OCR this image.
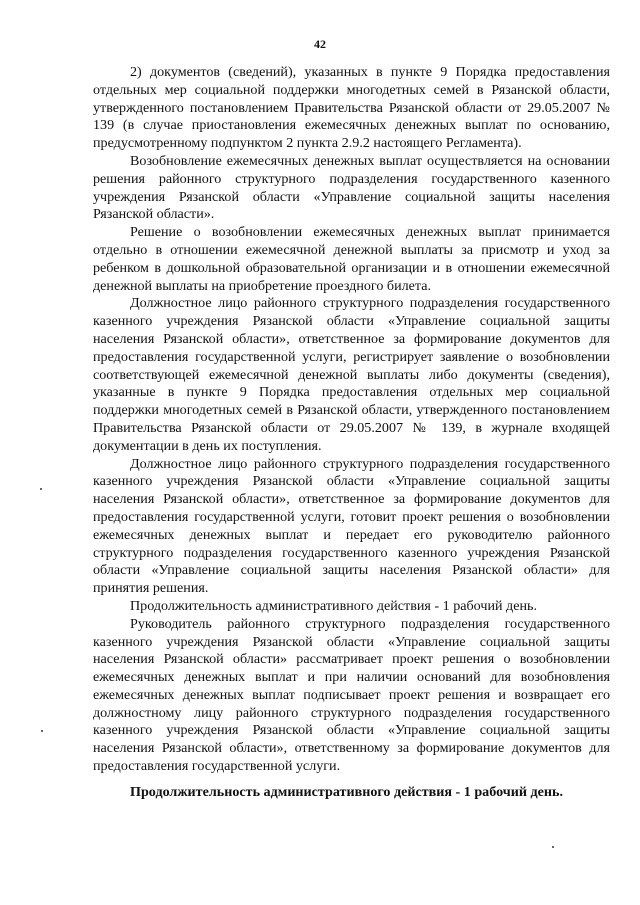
42

2) документов (сведений), указанных в пункте 9 Порядка предоставления отдельных мер социальной поддержки многодетных семей в Рязанской области, утвержденного постановлением Правительства Рязанской области от 29.05.2007 № 139 (в случае приостановления ежемесячных денежных выплат по основанию, предусмотренному подпунктом 2 пункта 2.9.2 настоящего Регламента).

Возобновление ежемесячных денежных выплат осуществляется на основании решения районного структурного подразделения государственного казенного учреждения Рязанской области «Управление социальной защиты населения Рязанской области».

Решение о возобновлении ежемесячных денежных выплат принимается отдельно в отношении ежемесячной денежной выплаты за присмотр и уход за ребенком в дошкольной образовательной организации и в отношении ежемесячной денежной выплаты на приобретение проездного билета.

Должностное лицо районного структурного подразделения государственного казенного учреждения Рязанской области «Управление социальной защиты населения Рязанской области», ответственное за формирование документов для предоставления государственной услуги, регистрирует заявление о возобновлении соответствующей ежемесячной денежной выплаты либо документы (сведения), указанные в пункте 9 Порядка предоставления отдельных мер социальной поддержки многодетных семей в Рязанской области, утвержденного постановлением Правительства Рязанской области от 29.05.2007 № 139, в журнале входящей документации в день их поступления.

Должностное лицо районного структурного подразделения государственного казенного учреждения Рязанской области «Управление социальной защиты населения Рязанской области», ответственное за формирование документов для предоставления государственной услуги, готовит проект решения о возобновлении ежемесячных денежных выплат и передает его руководителю районного структурного подразделения государственного казенного учреждения Рязанской области «Управление социальной защиты населения Рязанской области» для принятия решения.

Продолжительность административного действия - 1 рабочий день.

Руководитель районного структурного подразделения государственного казенного учреждения Рязанской области «Управление социальной защиты населения Рязанской области» рассматривает проект решения о возобновлении ежемесячных денежных выплат и при наличии оснований для возобновления ежемесячных денежных выплат подписывает проект решения и возвращает его должностному лицу районного структурного подразделения государственного казенного учреждения Рязанской области «Управление социальной защиты населения Рязанской области», ответственному за формирование документов для предоставления государственной услуги.

Продолжительность административного действия - 1 рабочий день.
